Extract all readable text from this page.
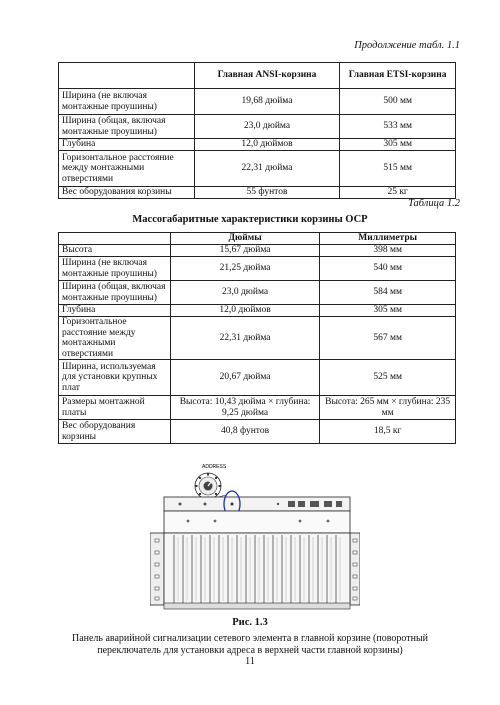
Продолжение табл. 1.1
	Главная ANSI-корзина	Главная ETSI-корзина
Ширина (не включая монтажные проушины)	19,68 дюйма	500 мм
Ширина (общая, включая монтажные проушины)	23,0 дюйма	533 мм
Глубина	12,0 дюймов	305 мм
Горизонтальное расстояние между монтажными отверстиями	22,31 дюйма	515 мм
Вес оборудования корзины	55 фунтов	25 кг
Таблица 1.2
Массогабаритные характеристики корзины ОСР
	Дюймы	Миллиметры
Высота	15,67 дюйма	398 мм
Ширина (не включая монтажные проушины)	21,25 дюйма	540 мм
Ширина (общая, включая монтажные проушины)	23,0 дюйма	584 мм
Глубина	12,0 дюймов	305 мм
Горизонтальное расстояние между монтажными отверстиями	22,31 дюйма	567 мм
Ширина, используемая для установки крупных плат	20,67 дюйма	525 мм
Размеры монтажной платы	Высота: 10,43 дюйма × глубина: 9,25 дюйма	Высота: 265 мм × глубина: 235 мм
Вес оборудования корзины	40,8 фунтов	18,5 кг
ADDRESS
Рис. 1.3
Панель аварийной сигнализации сетевого элемента в главной корзине (поворотный переключатель для установки адреса в верхней части главной корзины)
11
